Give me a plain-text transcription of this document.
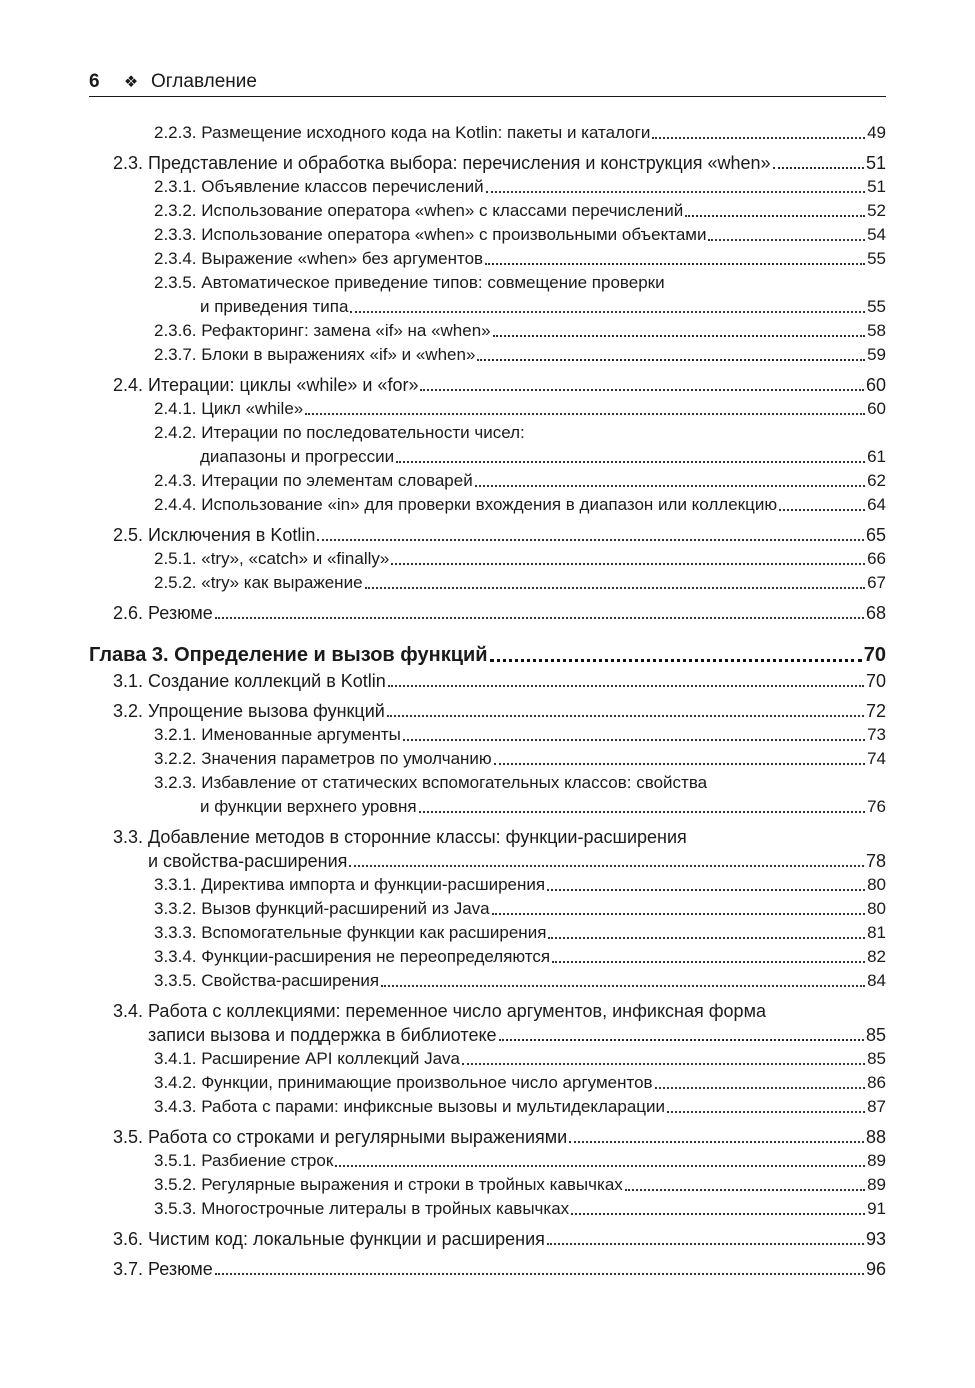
6	❖ Оглавление
2.2.3. Размещение исходного кода на Kotlin: пакеты и каталоги	49
2.3. Представление и обработка выбора: перечисления и конструкция «when»	51
2.3.1. Объявление классов перечислений	51
2.3.2. Использование оператора «when» с классами перечислений	52
2.3.3. Использование оператора «when» с произвольными объектами	54
2.3.4. Выражение «when» без аргументов	55
2.3.5. Автоматическое приведение типов: совмещение проверки
и приведения типа	55
2.3.6. Рефакторинг: замена «if» на «when»	58
2.3.7. Блоки в выражениях «if» и «when»	59
2.4. Итерации: циклы «while» и «for»	60
2.4.1. Цикл «while»	60
2.4.2. Итерации по последовательности чисел:
диапазоны и прогрессии	61
2.4.3. Итерации по элементам словарей	62
2.4.4. Использование «in» для проверки вхождения в диапазон или коллекцию	64
2.5. Исключения в Kotlin	65
2.5.1. «try», «catch» и «finally»	66
2.5.2. «try» как выражение	67
2.6. Резюме	68
Глава 3. Определение и вызов функций	70
3.1. Создание коллекций в Kotlin	70
3.2. Упрощение вызова функций	72
3.2.1. Именованные аргументы	73
3.2.2. Значения параметров по умолчанию	74
3.2.3. Избавление от статических вспомогательных классов: свойства
и функции верхнего уровня	76
3.3. Добавление методов в сторонние классы: функции-расширения
и свойства-расширения	78
3.3.1. Директива импорта и функции-расширения	80
3.3.2. Вызов функций-расширений из Java	80
3.3.3. Вспомогательные функции как расширения	81
3.3.4. Функции-расширения не переопределяются	82
3.3.5. Свойства-расширения	84
3.4. Работа с коллекциями: переменное число аргументов, инфиксная форма
записи вызова и поддержка в библиотеке	85
3.4.1. Расширение API коллекций Java	85
3.4.2. Функции, принимающие произвольное число аргументов	86
3.4.3. Работа с парами: инфиксные вызовы и мультидекларации	87
3.5. Работа со строками и регулярными выражениями	88
3.5.1. Разбиение строк	89
3.5.2. Регулярные выражения и строки в тройных кавычках	89
3.5.3. Многострочные литералы в тройных кавычках	91
3.6. Чистим код: локальные функции и расширения	93
3.7. Резюме	96
